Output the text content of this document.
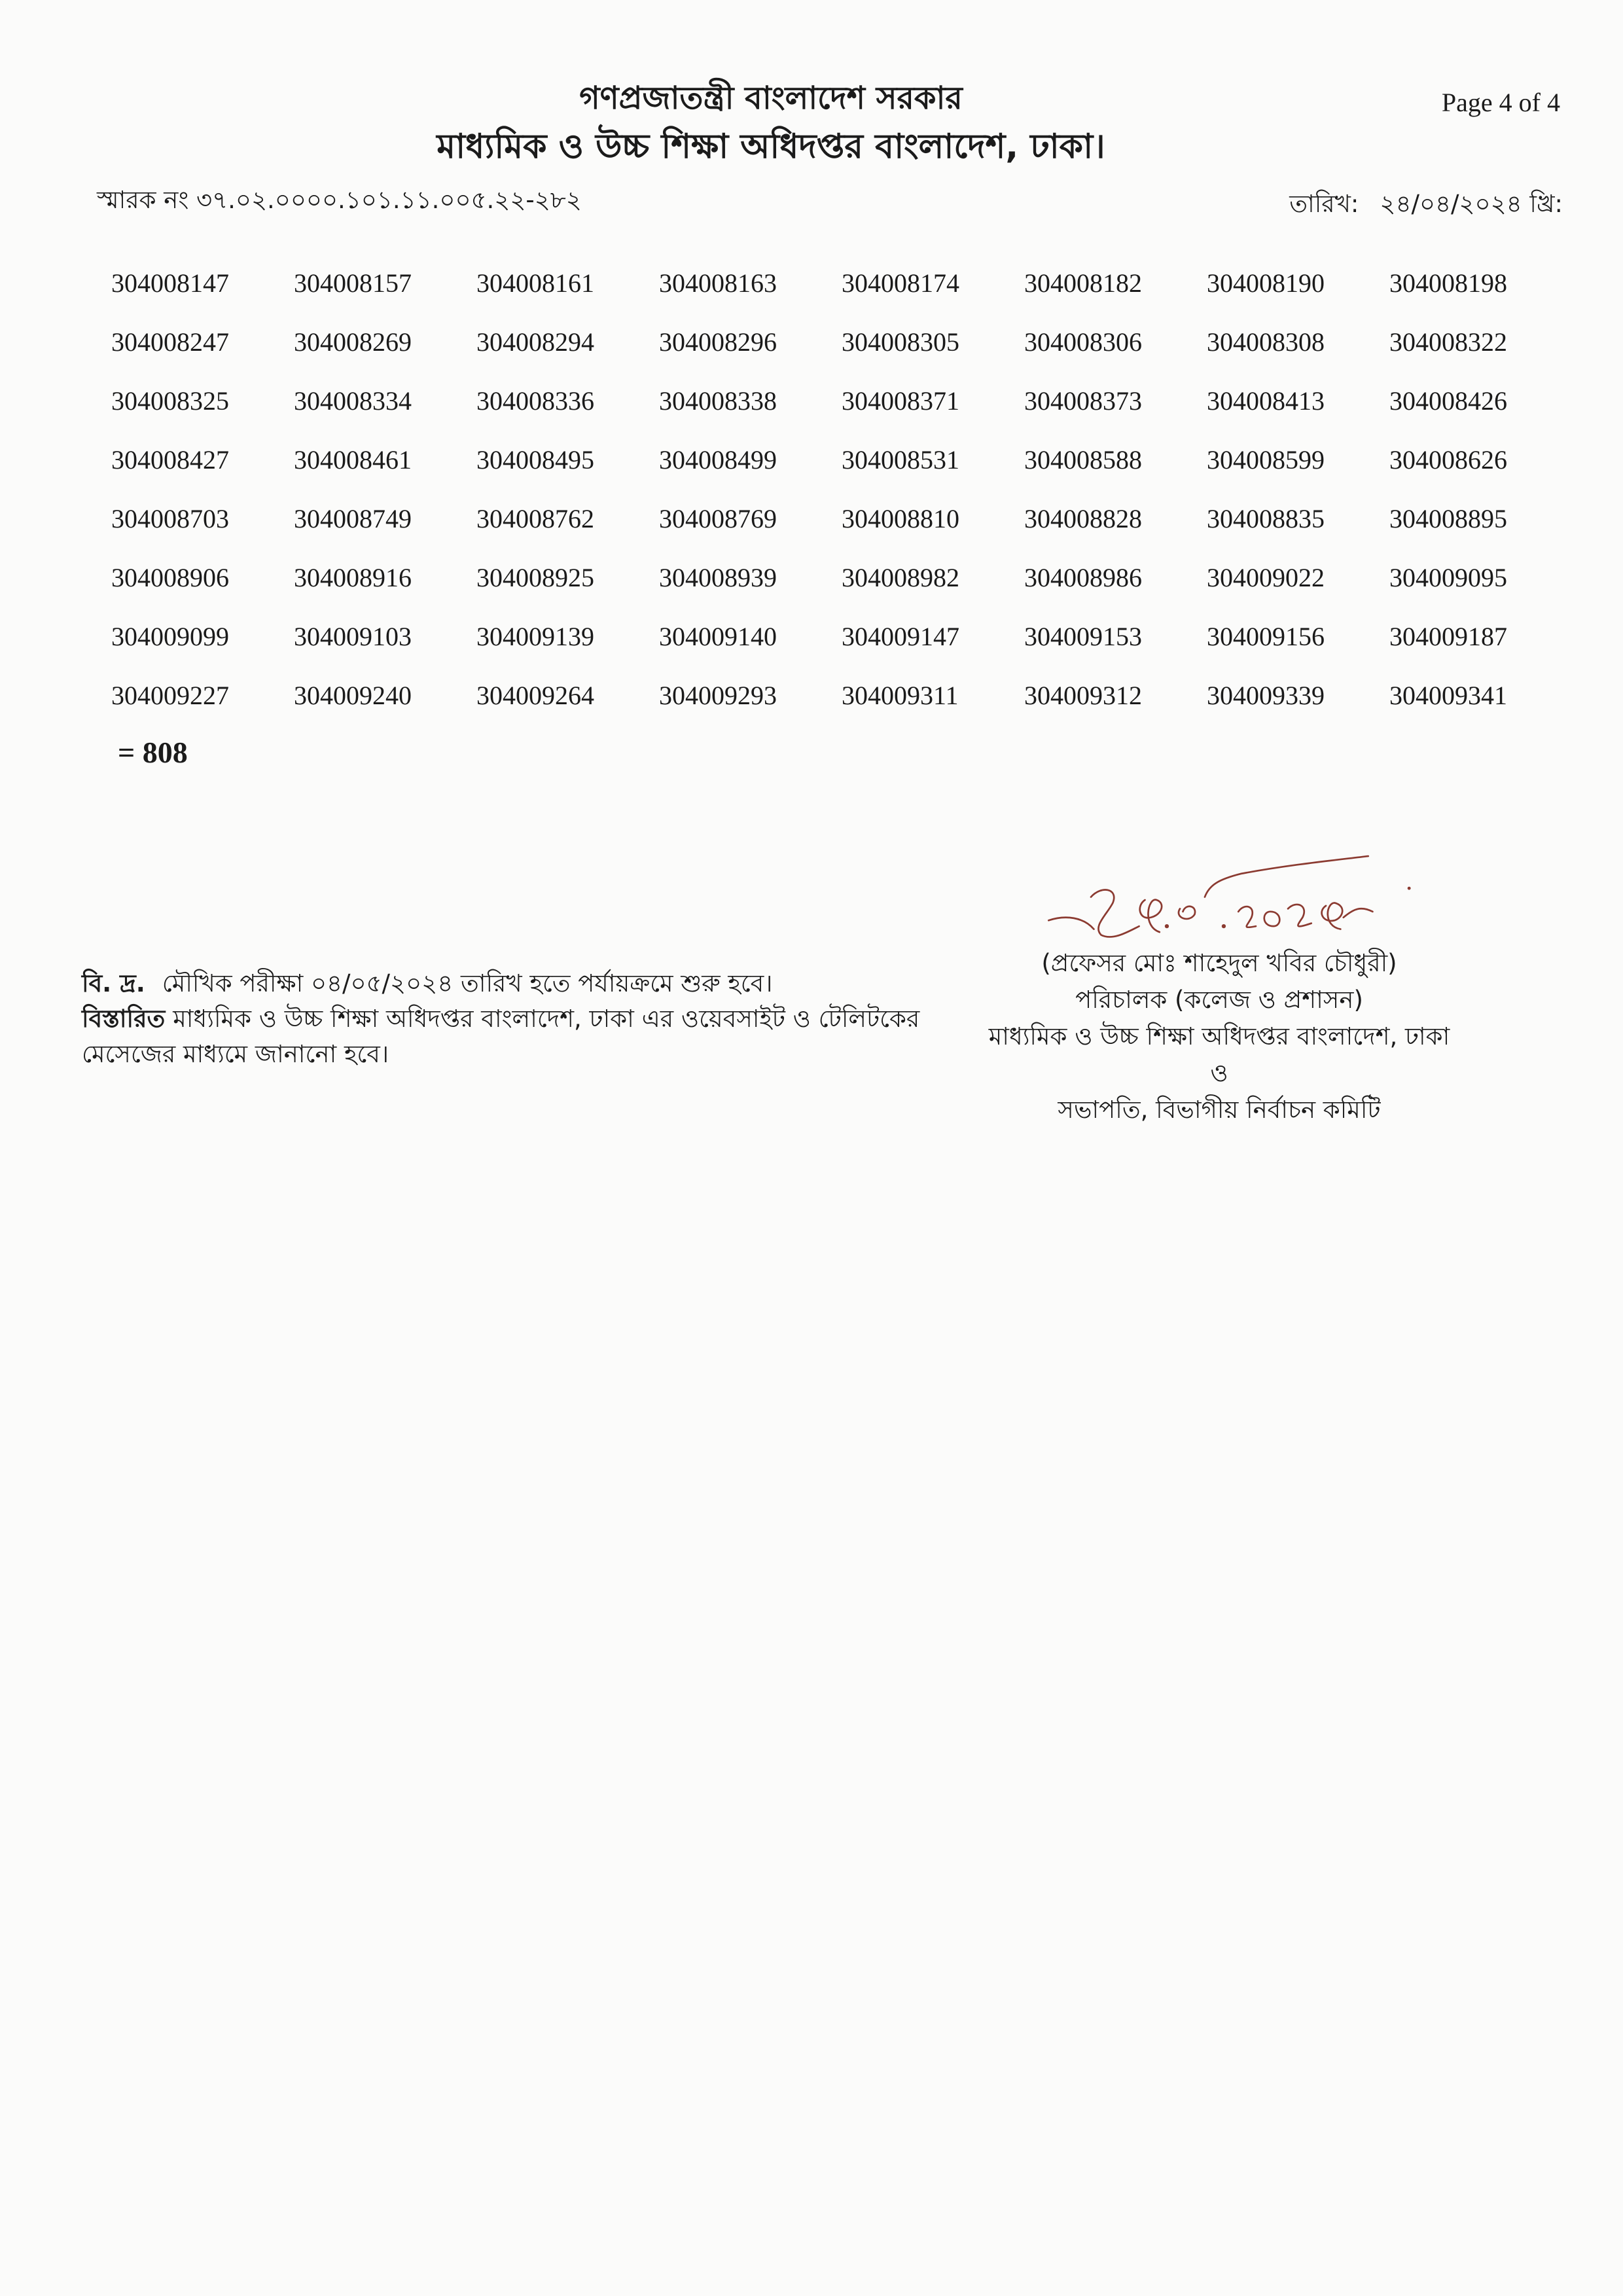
গণপ্রজাতন্ত্রী বাংলাদেশ সরকার
মাধ্যমিক ও উচ্চ শিক্ষা অধিদপ্তর বাংলাদেশ, ঢাকা।
Page 4 of 4
স্মারক নং ৩৭.০২.০০০০.১০১.১১.০০৫.২২-২৮২	তারিখ: ২৪/০৪/২০২৪ খ্রি:
304008147	304008157	304008161	304008163	304008174	304008182	304008190	304008198
304008247	304008269	304008294	304008296	304008305	304008306	304008308	304008322
304008325	304008334	304008336	304008338	304008371	304008373	304008413	304008426
304008427	304008461	304008495	304008499	304008531	304008588	304008599	304008626
304008703	304008749	304008762	304008769	304008810	304008828	304008835	304008895
304008906	304008916	304008925	304008939	304008982	304008986	304009022	304009095
304009099	304009103	304009139	304009140	304009147	304009153	304009156	304009187
304009227	304009240	304009264	304009293	304009311	304009312	304009339	304009341
= 808
(প্রফেসর মোঃ শাহেদুল খবির চৌধুরী)
পরিচালক (কলেজ ও প্রশাসন)
মাধ্যমিক ও উচ্চ শিক্ষা অধিদপ্তর বাংলাদেশ, ঢাকা
ও
সভাপতি, বিভাগীয় নির্বাচন কমিটি
বি. দ্র. মৌখিক পরীক্ষা ০৪/০৫/২০২৪ তারিখ হতে পর্যায়ক্রমে শুরু হবে।
বিস্তারিত মাধ্যমিক ও উচ্চ শিক্ষা অধিদপ্তর বাংলাদেশ, ঢাকা এর ওয়েবসাইট ও টেলিটকের
মেসেজের মাধ্যমে জানানো হবে।
